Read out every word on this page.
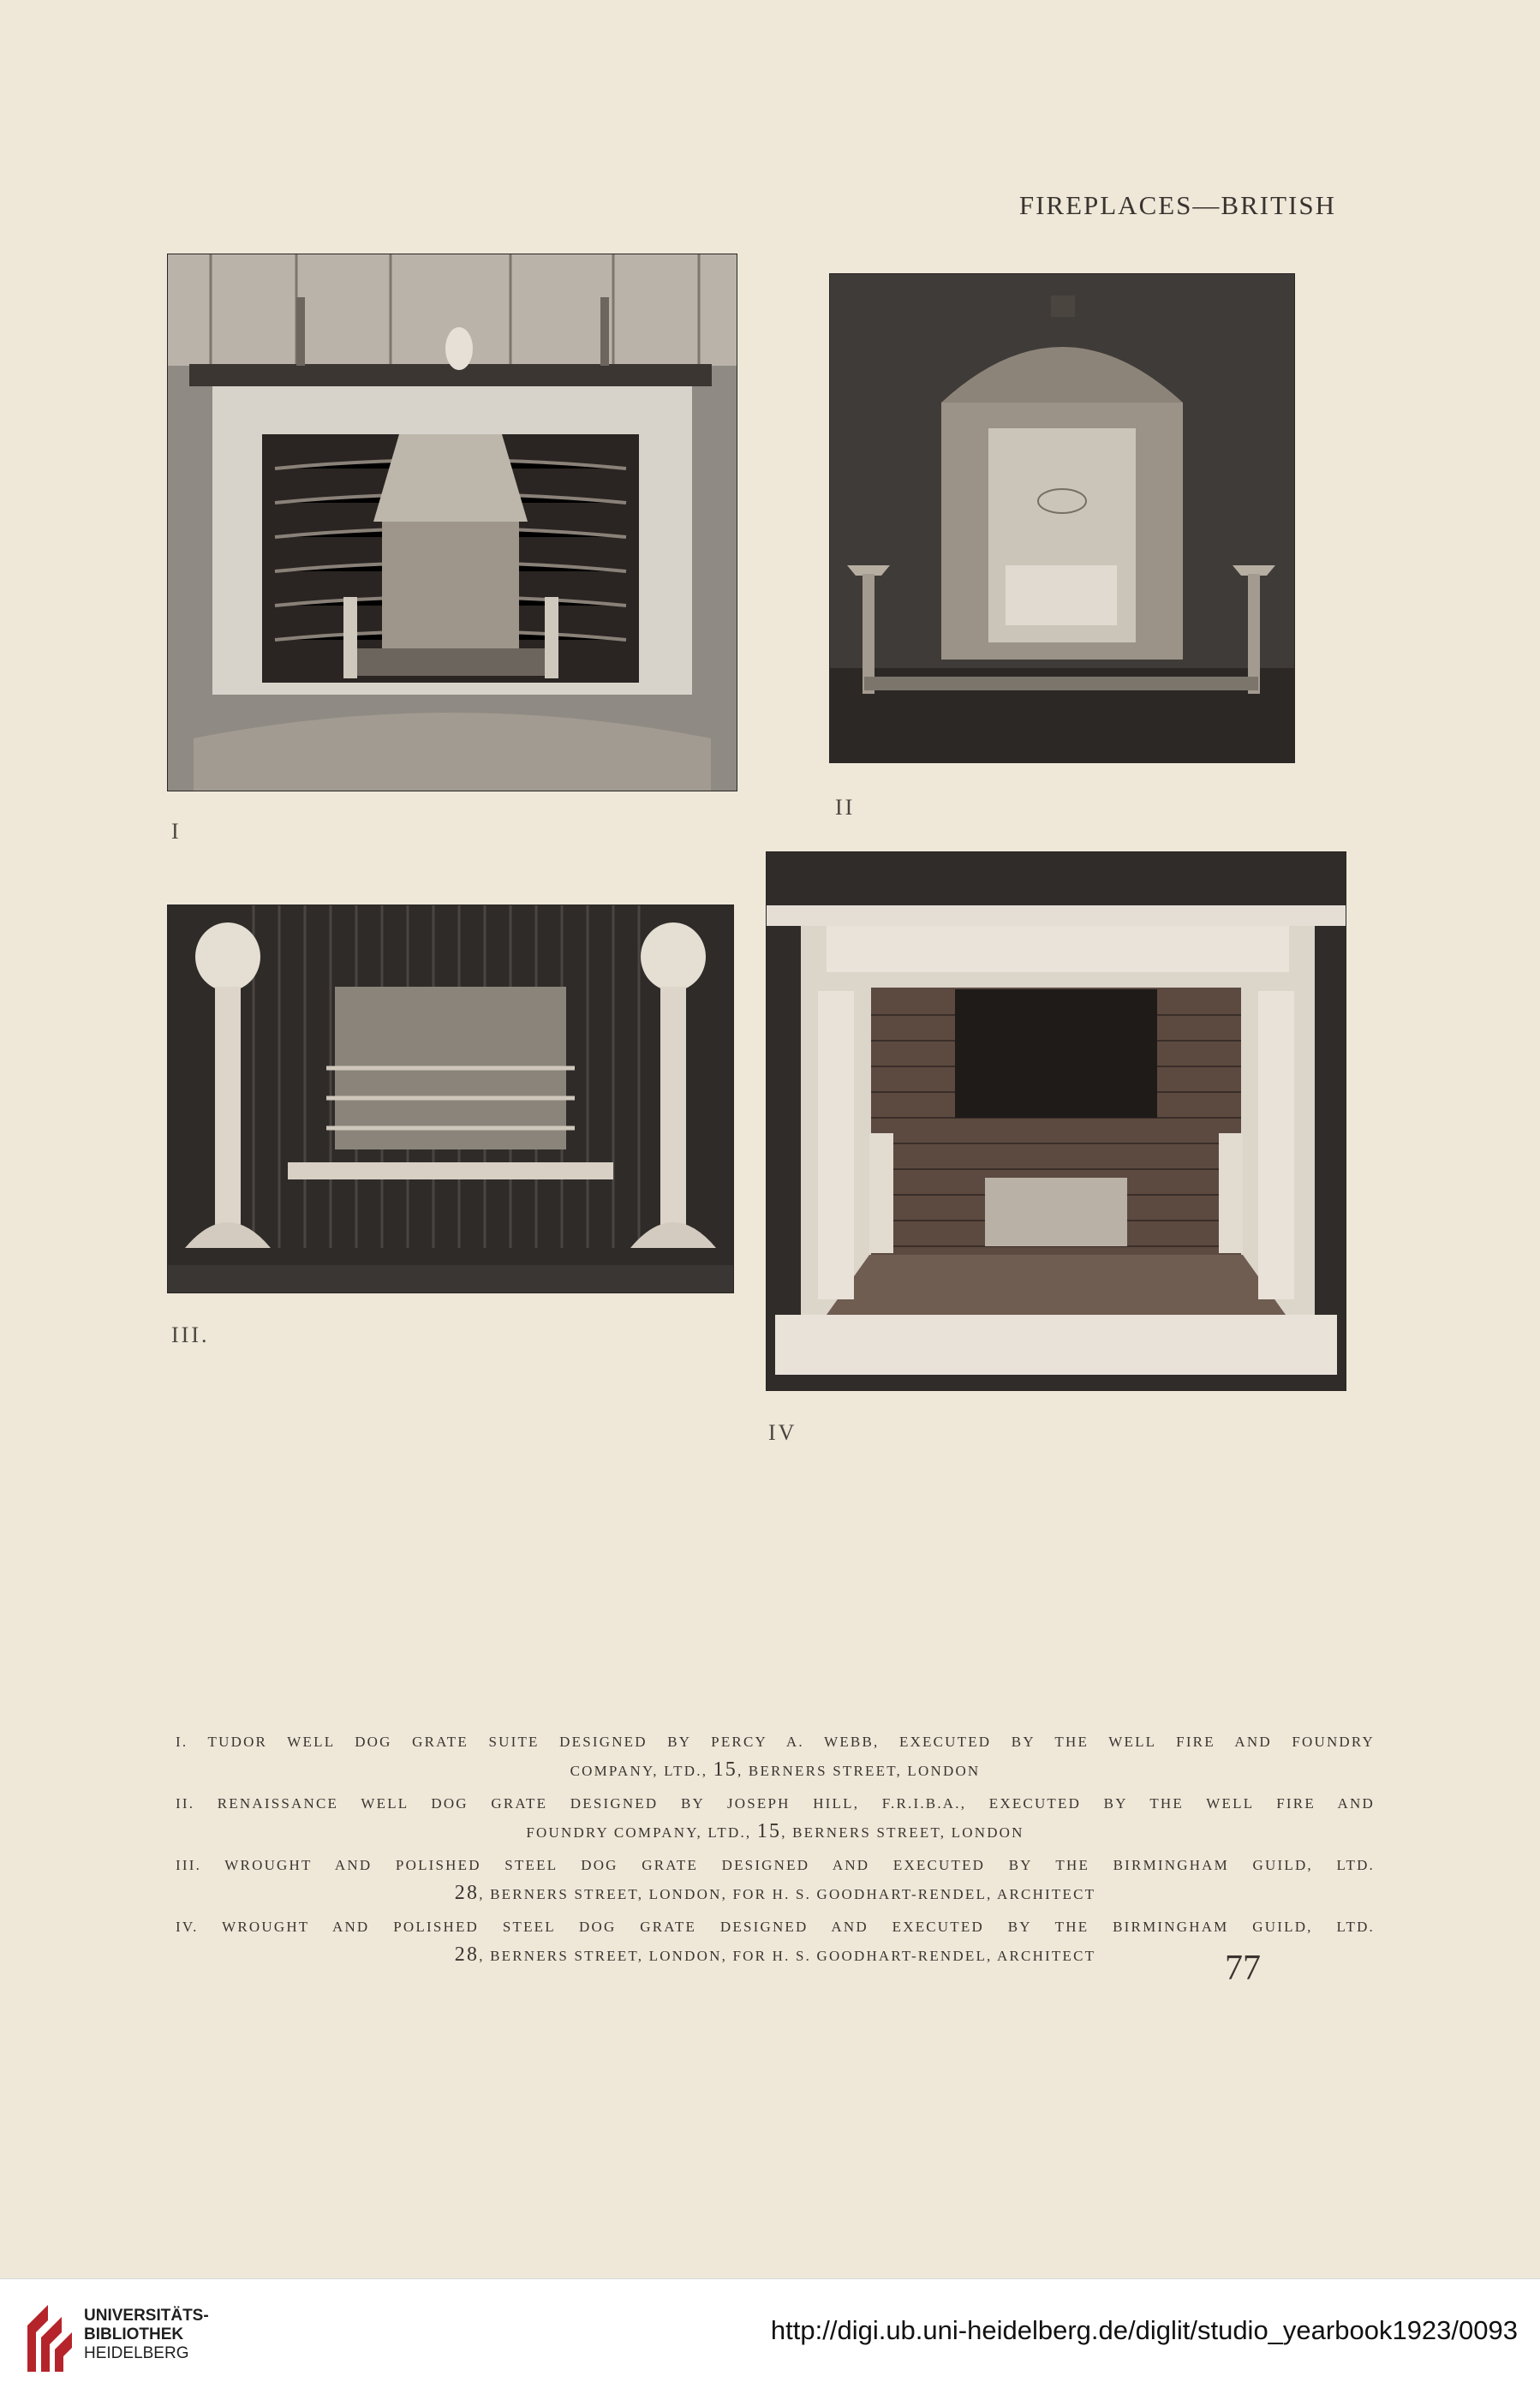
FIREPLACES—BRITISH
I
II
III.
IV
I. TUDOR WELL DOG GRATE SUITE DESIGNED BY PERCY A. WEBB, EXECUTED BY THE WELL FIRE AND FOUNDRY
COMPANY, LTD., 15, BERNERS STREET, LONDON
II. RENAISSANCE WELL DOG GRATE DESIGNED BY JOSEPH HILL, F.R.I.B.A., EXECUTED BY THE WELL FIRE AND
FOUNDRY COMPANY, LTD., 15, BERNERS STREET, LONDON
III. WROUGHT AND POLISHED STEEL DOG GRATE DESIGNED AND EXECUTED BY THE BIRMINGHAM GUILD, LTD.
28, BERNERS STREET, LONDON, FOR H. S. GOODHART-RENDEL, ARCHITECT
IV. WROUGHT AND POLISHED STEEL DOG GRATE DESIGNED AND EXECUTED BY THE BIRMINGHAM GUILD, LTD.
28, BERNERS STREET, LONDON, FOR H. S. GOODHART-RENDEL, ARCHITECT	77
UNIVERSITÄTS-
BIBLIOTHEK
HEIDELBERG
http://digi.ub.uni-heidelberg.de/diglit/studio_yearbook1923/0093
